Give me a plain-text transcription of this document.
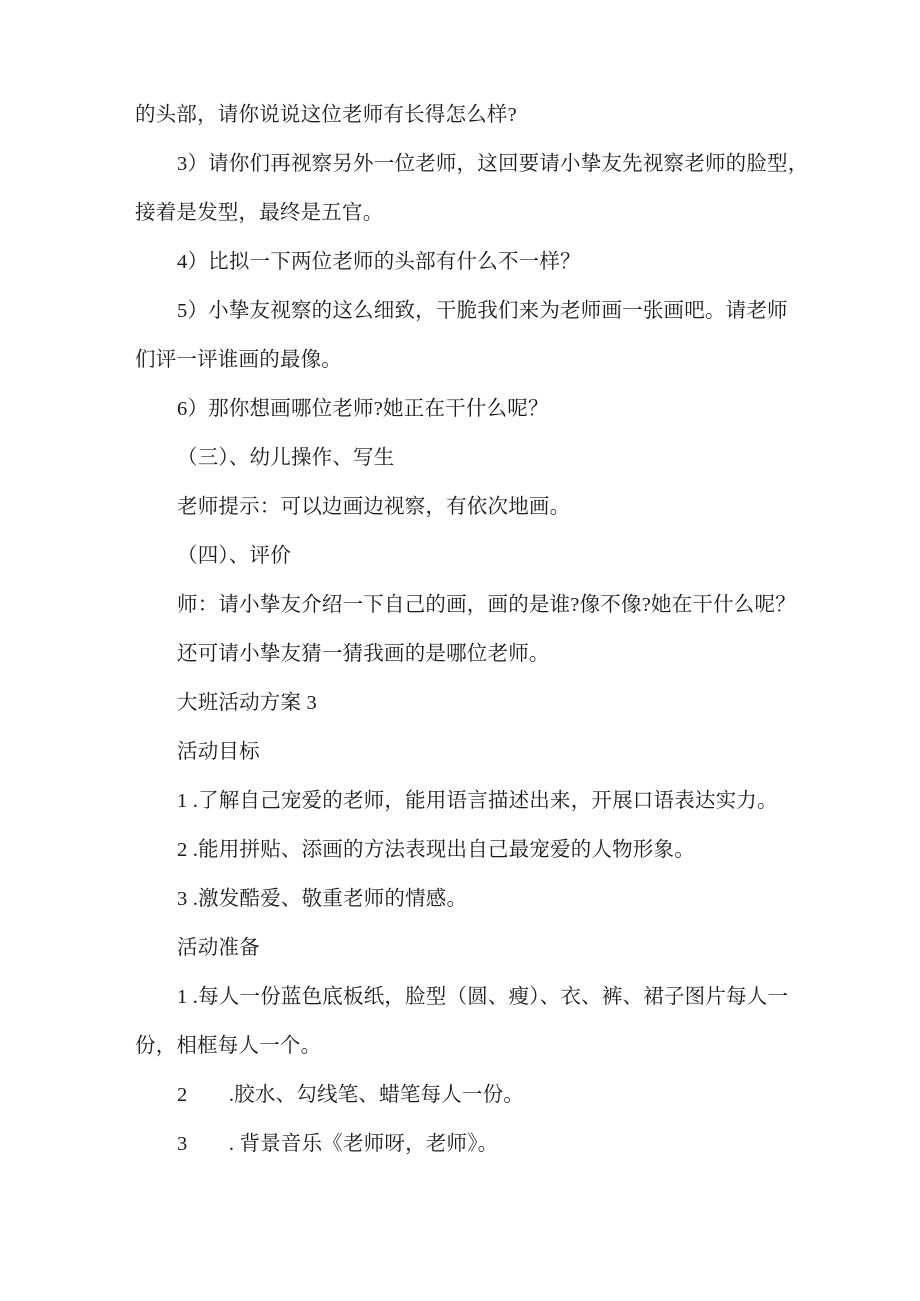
的头部，请你说说这位老师有长得怎么样?
3）请你们再视察另外一位老师，这回要请小挚友先视察老师的脸型，
接着是发型，最终是五官。
4）比拟一下两位老师的头部有什么不一样？
5）小挚友视察的这么细致，干脆我们来为老师画一张画吧。请老师
们评一评谁画的最像。
6）那你想画哪位老师?她正在干什么呢？
（三）、幼儿操作、写生
老师提示：可以边画边视察，有依次地画。
（四）、评价
师：请小挚友介绍一下自己的画，画的是谁?像不像?她在干什么呢？
还可请小挚友猜一猜我画的是哪位老师。
大班活动方案 3
活动目标
1 .了解自己宠爱的老师，能用语言描述出来，开展口语表达实力。
2 .能用拼贴、添画的方法表现出自己最宠爱的人物形象。
3 .激发酷爱、敬重老师的情感。
活动准备
1 .每人一份蓝色底板纸，脸型（圆、瘦）、衣、裤、裙子图片每人一
份，相框每人一个。
2　　.胶水、勾线笔、蜡笔每人一份。
3　　. 背景音乐《老师呀，老师》。
